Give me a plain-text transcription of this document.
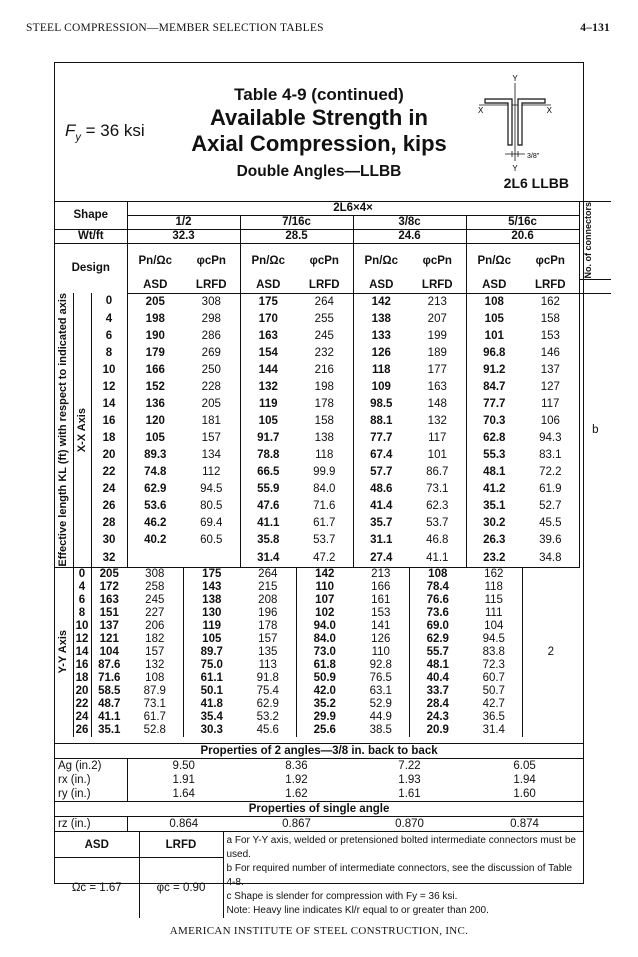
STEEL COMPRESSION—MEMBER SELECTION TABLES	4–131
$F_y = 36$ ksi
Table 4-9 (continued)
Available Strength in
Axial Compression, kips
Double Angles—LLBB
2L6 LLBB
Y
X	X
3/8"
Y
Shape			2L6×4×								No. of connectors

			1/2		7/16c		3/8c		5/16c		
Wt/ft			32.3		28.5		24.6		20.6		
Design			Pn/Ωc	φcPn	Pn/Ωc	φcPn	Pn/Ωc	φcPn	Pn/Ωc	φcPn	
			ASD	LRFD	ASD	LRFD	ASD	LRFD	ASD	LRFD	

Effective length KL (ft) with respect to indicated axis	X-X Axis	0	205	308	175	264	142	213	108	162	b
		4	198	298	170	255	138	207	105	158	
		6	190	286	163	245	133	199	101	153	
		8	179	269	154	232	126	189	96.8	146	
		10	166	250	144	216	118	177	91.2	137	
		12	152	228	132	198	109	163	84.7	127	
		14	136	205	119	178	98.5	148	77.7	117	
		16	120	181	105	158	88.1	132	70.3	106	
		18	105	157	91.7	138	77.7	117	62.8	94.3	
		20	89.3	134	78.8	118	67.4	101	55.3	83.1	
		22	74.8	112	66.5	99.9	57.7	86.7	48.1	72.2	
		24	62.9	94.5	55.9	84.0	48.6	73.1	41.2	61.9	
		26	53.6	80.5	47.6	71.6	41.4	62.3	35.1	52.7	
		28	46.2	69.4	41.1	61.7	35.7	53.7	30.2	45.5	
		30	40.2	60.5	35.8	53.7	31.1	46.8	26.3	39.6	
		32			31.4	47.2	27.4	41.1	23.2	34.8	

Y-Y Axis	0	205	308	175	264	142	213	108	162	2	
	4	172	258	143	215	110	166	78.4	118		
	6	163	245	138	208	107	161	76.6	115		
	8	151	227	130	196	102	153	73.6	111		
	10	137	206	119	178	94.0	141	69.0	104		
	12	121	182	105	157	84.0	126	62.9	94.5		
	14	104	157	89.7	135	73.0	110	55.7	83.8		
	16	87.6	132	75.0	113	61.8	92.8	48.1	72.3		
	18	71.6	108	61.1	91.8	50.9	76.5	40.4	60.7		
	20	58.5	87.9	50.1	75.4	42.0	63.1	33.7	50.7		
	22	48.7	73.1	41.8	62.9	35.2	52.9	28.4	42.7		
	24	41.1	61.7	35.4	53.2	29.9	44.9	24.3	36.5		
	26	35.1	52.8	30.3	45.6	25.6	38.5	20.9	31.4		
Properties of 2 angles—3/8 in. back to back				
Ag (in.2)	9.50	8.36	7.22	6.05
rx (in.)	1.91	1.92	1.93	1.94
ry (in.)	1.64	1.62	1.61	1.60
Properties of single angle				
rz (in.)	0.864	0.867	0.870	0.874
ASD	LRFD	a For Y-Y axis, welded or pretensioned bolted intermediate connectors must be used.
b For required number of intermediate connectors, see the discussion of Table 4-8.
c Shape is slender for compression with Fy = 36 ksi.
Note: Heavy line indicates Kl/r equal to or greater than 200.

Ωc = 1.67	φc = 0.90	
AMERICAN INSTITUTE OF STEEL CONSTRUCTION, INC.
